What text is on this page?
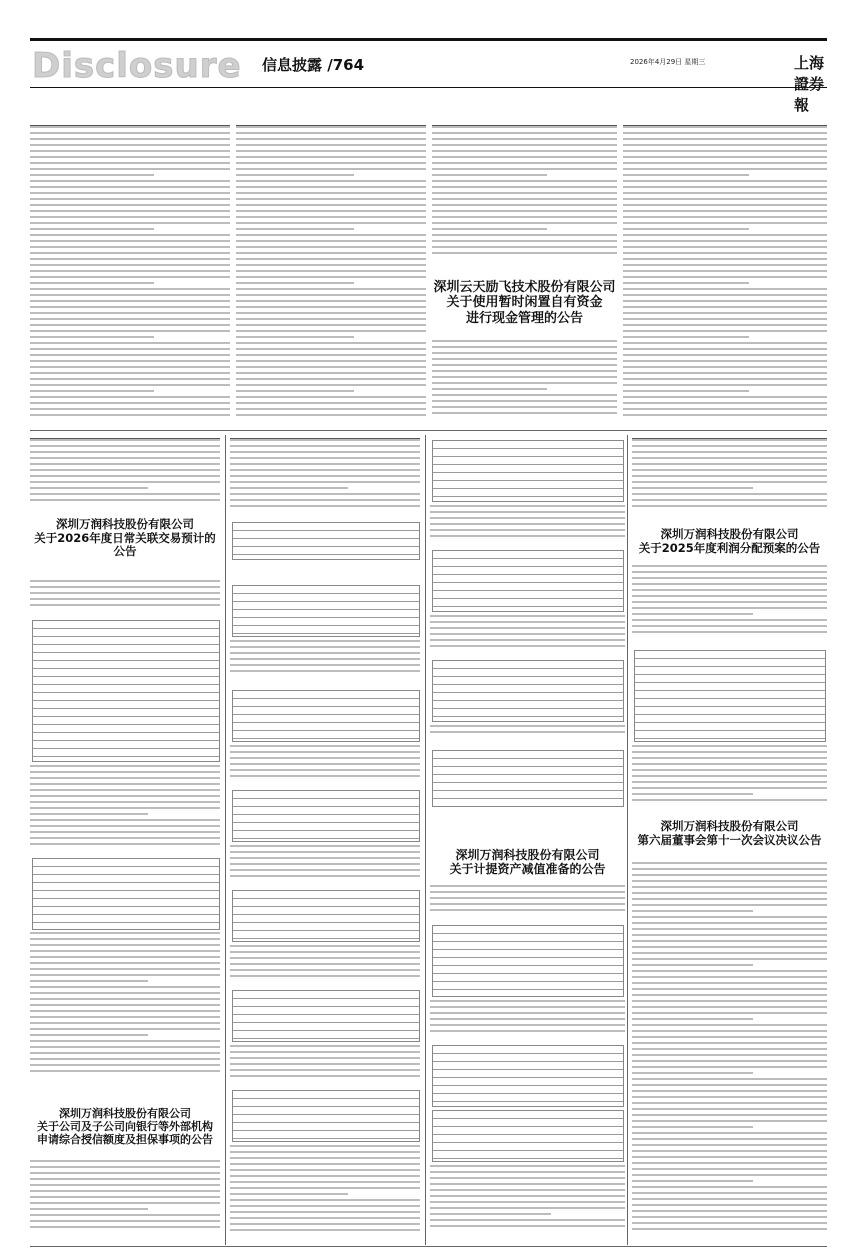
Disclosure 信息披露 /764	2026年4月29日 星期三	上海證券報
深圳云天励飞技术股份有限公司
关于使用暂时闲置自有资金
进行现金管理的公告
深圳万润科技股份有限公司
关于2026年度日常关联交易预计的
公告
深圳万润科技股份有限公司
关于公司及子公司向银行等外部机构
申请综合授信额度及担保事项的公告
深圳万润科技股份有限公司
关于计提资产减值准备的公告
深圳万润科技股份有限公司
关于2025年度利润分配预案的公告
深圳万润科技股份有限公司
第六届董事会第十一次会议决议公告
